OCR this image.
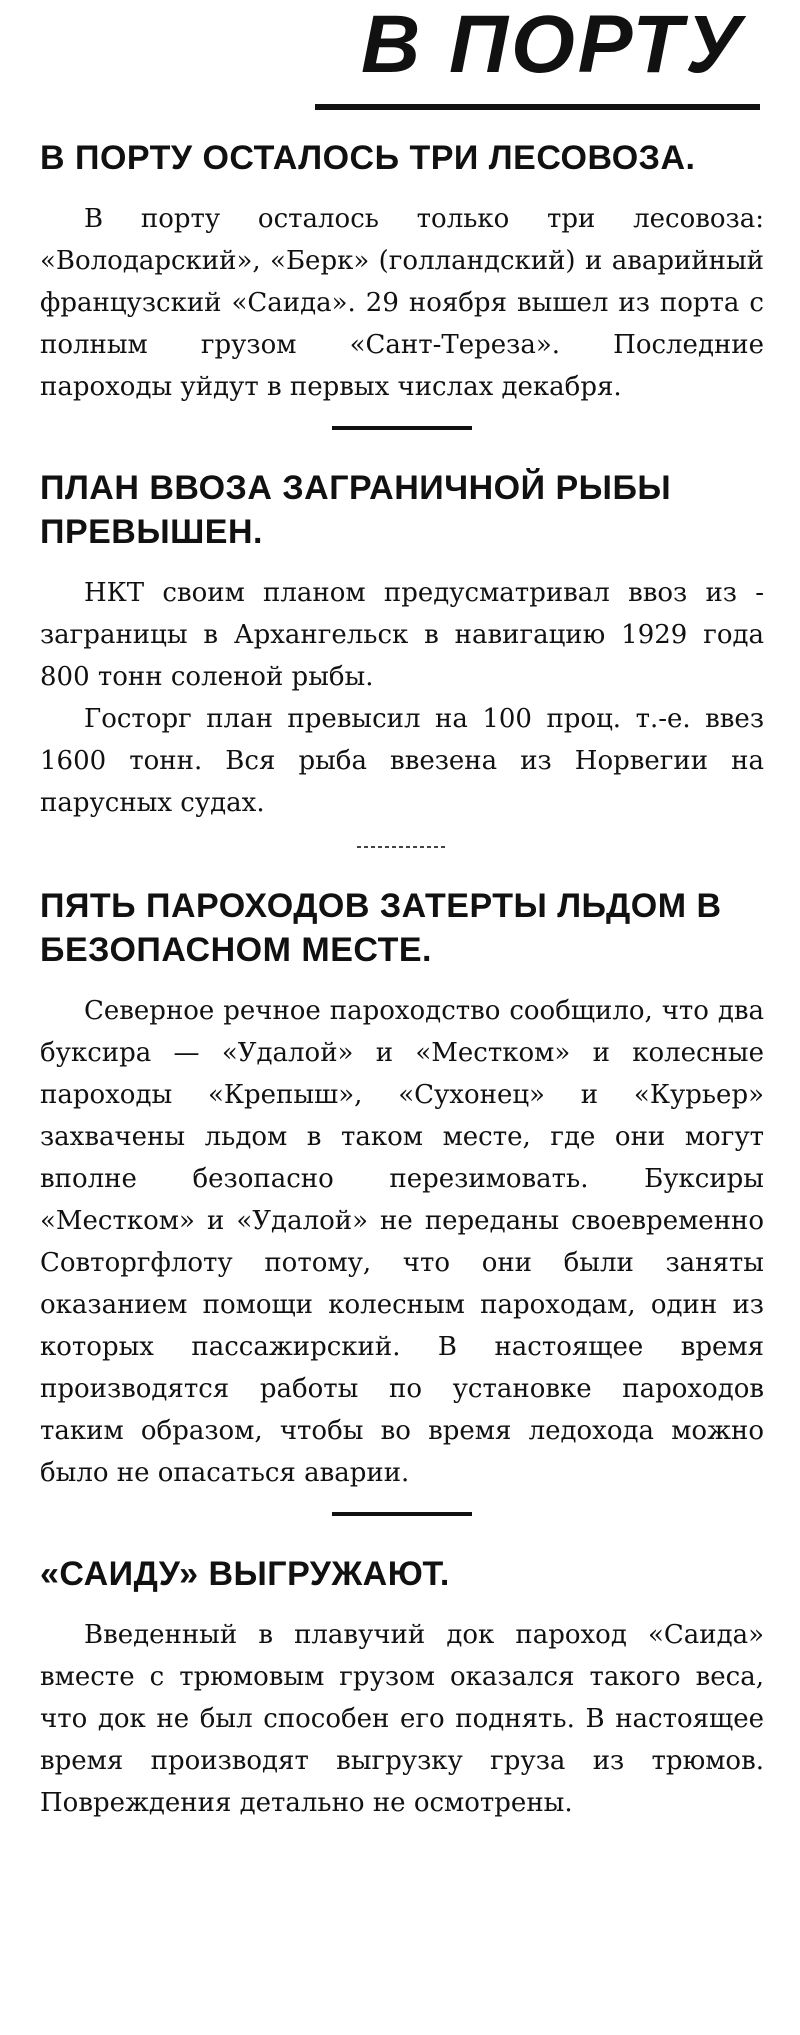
В ПОРТУ
В ПОРТУ ОСТАЛОСЬ ТРИ ЛЕСОВОЗА.

В порту осталось только три лесовоза: «Володарский», «Берк» (голландский) и аварийный французский «Саида». 29 ноября вышел из порта с полным грузом «Сант-Тереза». Последние пароходы уйдут в первых числах декабря.

ПЛАН ВВОЗА ЗАГРАНИЧНОЙ РЫБЫ ПРЕВЫШЕН.

НКТ своим планом предусматривал ввоз из - заграницы в Архангельск в навигацию 1929 года 800 тонн соленой рыбы.

Госторг план превысил на 100 проц. т.-е. ввез 1600 тонн. Вся рыба ввезена из Норвегии на парусных судах.

ПЯТЬ ПАРОХОДОВ ЗАТЕРТЫ ЛЬДОМ В БЕЗОПАСНОМ МЕСТЕ.

Северное речное пароходство сообщило, что два буксира — «Удалой» и «Местком» и колесные пароходы «Крепыш», «Сухонец» и «Курьер» захвачены льдом в таком месте, где они могут вполне безопасно перезимовать. Буксиры «Местком» и «Удалой» не переданы своевременно Совторгфлоту потому, что они были заняты оказанием помощи колесным пароходам, один из которых пассажирский. В настоящее время производятся работы по установке пароходов таким образом, чтобы во время ледохода можно было не опасаться аварии.

«САИДУ» ВЫГРУЖАЮТ.

Введенный в плавучий док пароход «Саида» вместе с трюмовым грузом оказался такого веса, что док не был способен его поднять. В настоящее время производят выгрузку груза из трюмов. Повреждения детально не осмотрены.
